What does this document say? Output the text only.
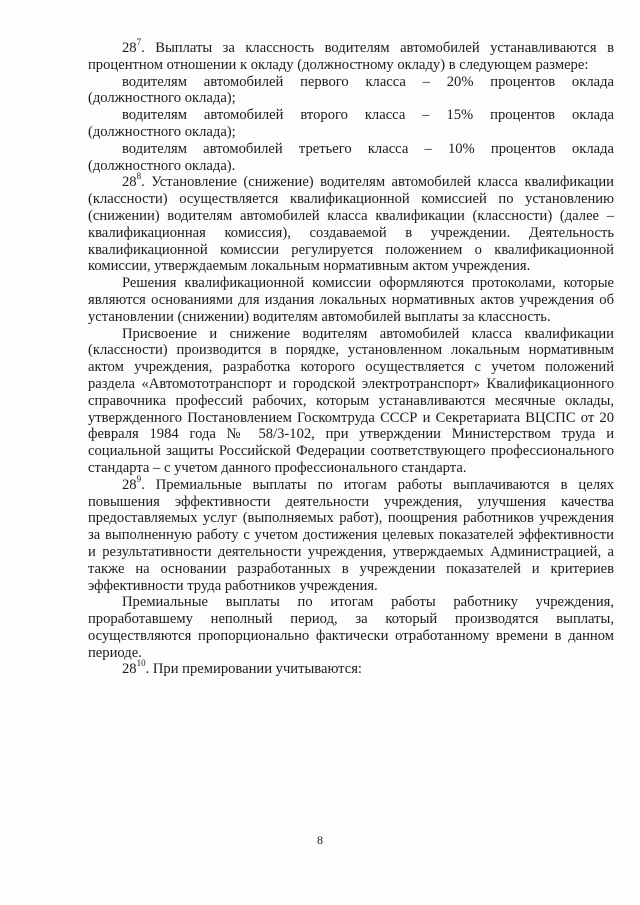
$28^7$. Выплаты за классность водителям автомобилей устанавливаются в процентном отношении к окладу (должностному окладу) в следующем размере:

водителям автомобилей первого класса – 20% процентов оклада (должностного оклада);

водителям автомобилей второго класса – 15% процентов оклада (должностного оклада);

водителям автомобилей третьего класса – 10% процентов оклада (должностного оклада).

$28^8$. Установление (снижение) водителям автомобилей класса квалификации (классности) осуществляется квалификационной комиссией по установлению (снижении) водителям автомобилей класса квалификации (классности) (далее – квалификационная комиссия), создаваемой в учреждении. Деятельность квалификационной комиссии регулируется положением о квалификационной комиссии, утверждаемым локальным нормативным актом учреждения.

Решения квалификационной комиссии оформляются протоколами, которые являются основаниями для издания локальных нормативных актов учреждения об установлении (снижении) водителям автомобилей выплаты за классность.

Присвоение и снижение водителям автомобилей класса квалификации (классности) производится в порядке, установленном локальным нормативным актом учреждения, разработка которого осуществляется с учетом положений раздела «Автомототранспорт и городской электротранспорт» Квалификационного справочника профессий рабочих, которым устанавливаются месячные оклады, утвержденного Постановлением Госкомтруда СССР и Секретариата ВЦСПС от 20 февраля 1984 года № 58/3-102, при утверждении Министерством труда и социальной защиты Российской Федерации соответствующего профессионального стандарта – с учетом данного профессионального стандарта.

$28^9$. Премиальные выплаты по итогам работы выплачиваются в целях повышения эффективности деятельности учреждения, улучшения качества предоставляемых услуг (выполняемых работ), поощрения работников учреждения за выполненную работу с учетом достижения целевых показателей эффективности и результативности деятельности учреждения, утверждаемых Администрацией, а также на основании разработанных в учреждении показателей и критериев эффективности труда работников учреждения.

Премиальные выплаты по итогам работы работнику учреждения, проработавшему неполный период, за который производятся выплаты, осуществляются пропорционально фактически отработанному времени в данном периоде.

$28^{10}$. При премировании учитываются:

8
